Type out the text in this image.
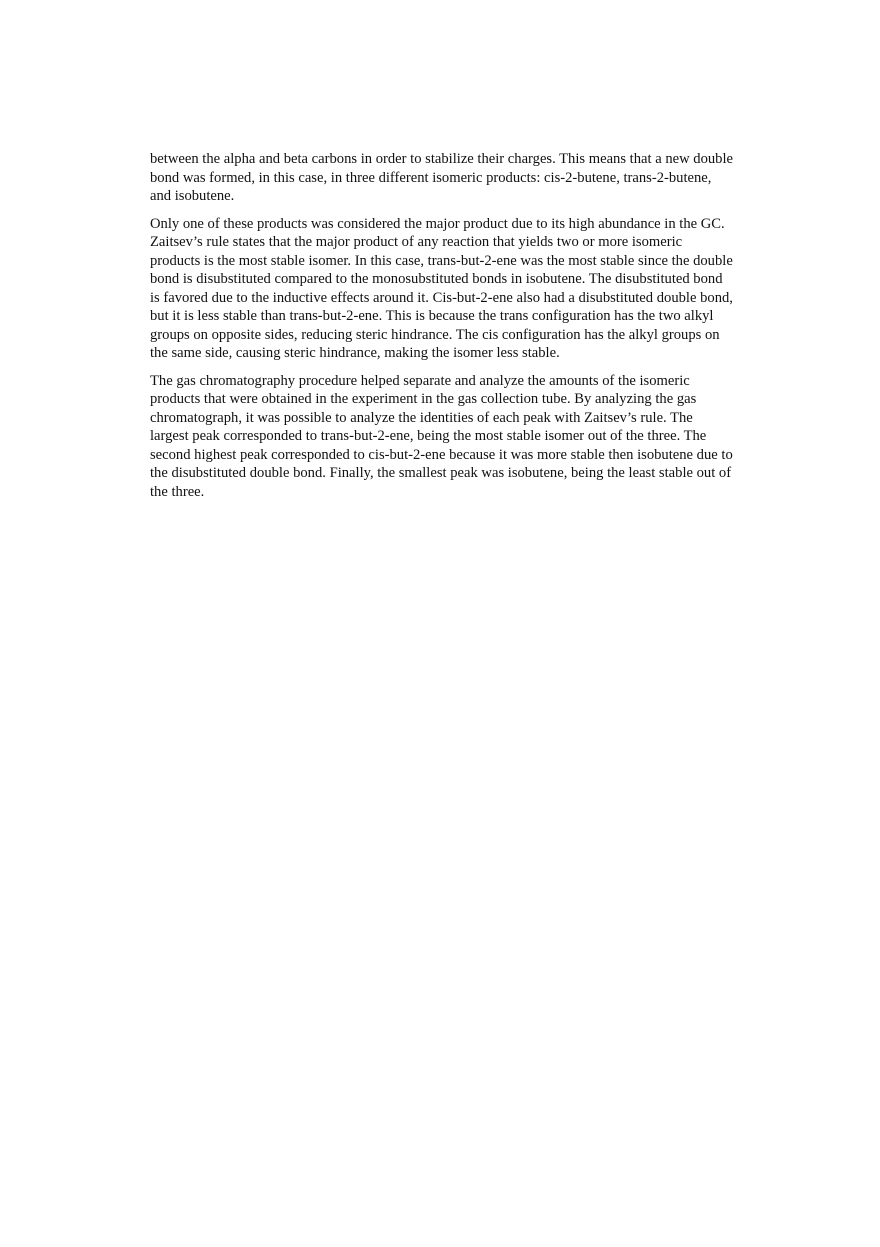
between the alpha and beta carbons in order to stabilize their charges. This means that a new double bond was formed, in this case, in three different isomeric products: cis-2-butene, trans-2-butene, and isobutene.

Only one of these products was considered the major product due to its high abundance in the GC. Zaitsev’s rule states that the major product of any reaction that yields two or more isomeric products is the most stable isomer. In this case, trans-but-2-ene was the most stable since the double bond is disubstituted compared to the monosubstituted bonds in isobutene. The disubstituted bond is favored due to the inductive effects around it. Cis-but-2-ene also had a disubstituted double bond, but it is less stable than trans-but-2-ene. This is because the trans configuration has the two alkyl groups on opposite sides, reducing steric hindrance. The cis configuration has the alkyl groups on the same side, causing steric hindrance, making the isomer less stable.

The gas chromatography procedure helped separate and analyze the amounts of the isomeric products that were obtained in the experiment in the gas collection tube. By analyzing the gas chromatograph, it was possible to analyze the identities of each peak with Zaitsev’s rule. The largest peak corresponded to trans-but-2-ene, being the most stable isomer out of the three. The second highest peak corresponded to cis-but-2-ene because it was more stable then isobutene due to the disubstituted double bond. Finally, the smallest peak was isobutene, being the least stable out of the three.
